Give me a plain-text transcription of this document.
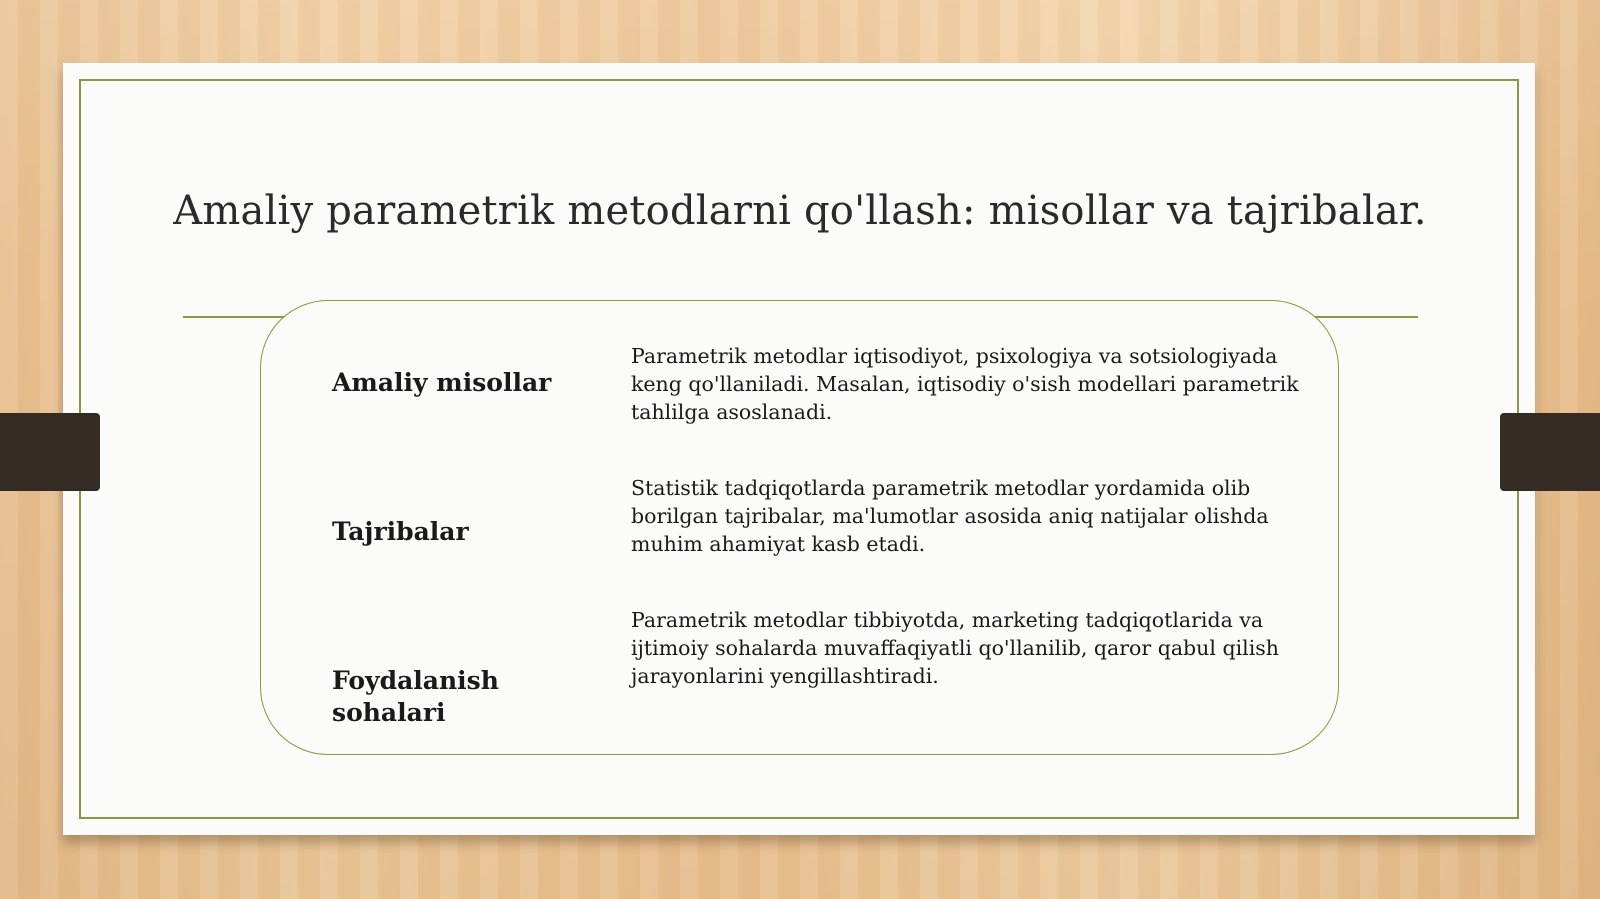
Amaliy parametrik metodlarni qo'llash: misollar va tajribalar.
Amaliy misollar
Parametrik metodlar iqtisodiyot, psixologiya va sotsiologiyada keng qo'llaniladi. Masalan, iqtisodiy o'sish modellari parametrik tahlilga asoslanadi.
Tajribalar
Statistik tadqiqotlarda parametrik metodlar yordamida olib borilgan tajribalar, ma'lumotlar asosida aniq natijalar olishda muhim ahamiyat kasb etadi.
Foydalanish sohalari
Parametrik metodlar tibbiyotda, marketing tadqiqotlarida va ijtimoiy sohalarda muvaffaqiyatli qo'llanilib, qaror qabul qilish jarayonlarini yengillashtiradi.
